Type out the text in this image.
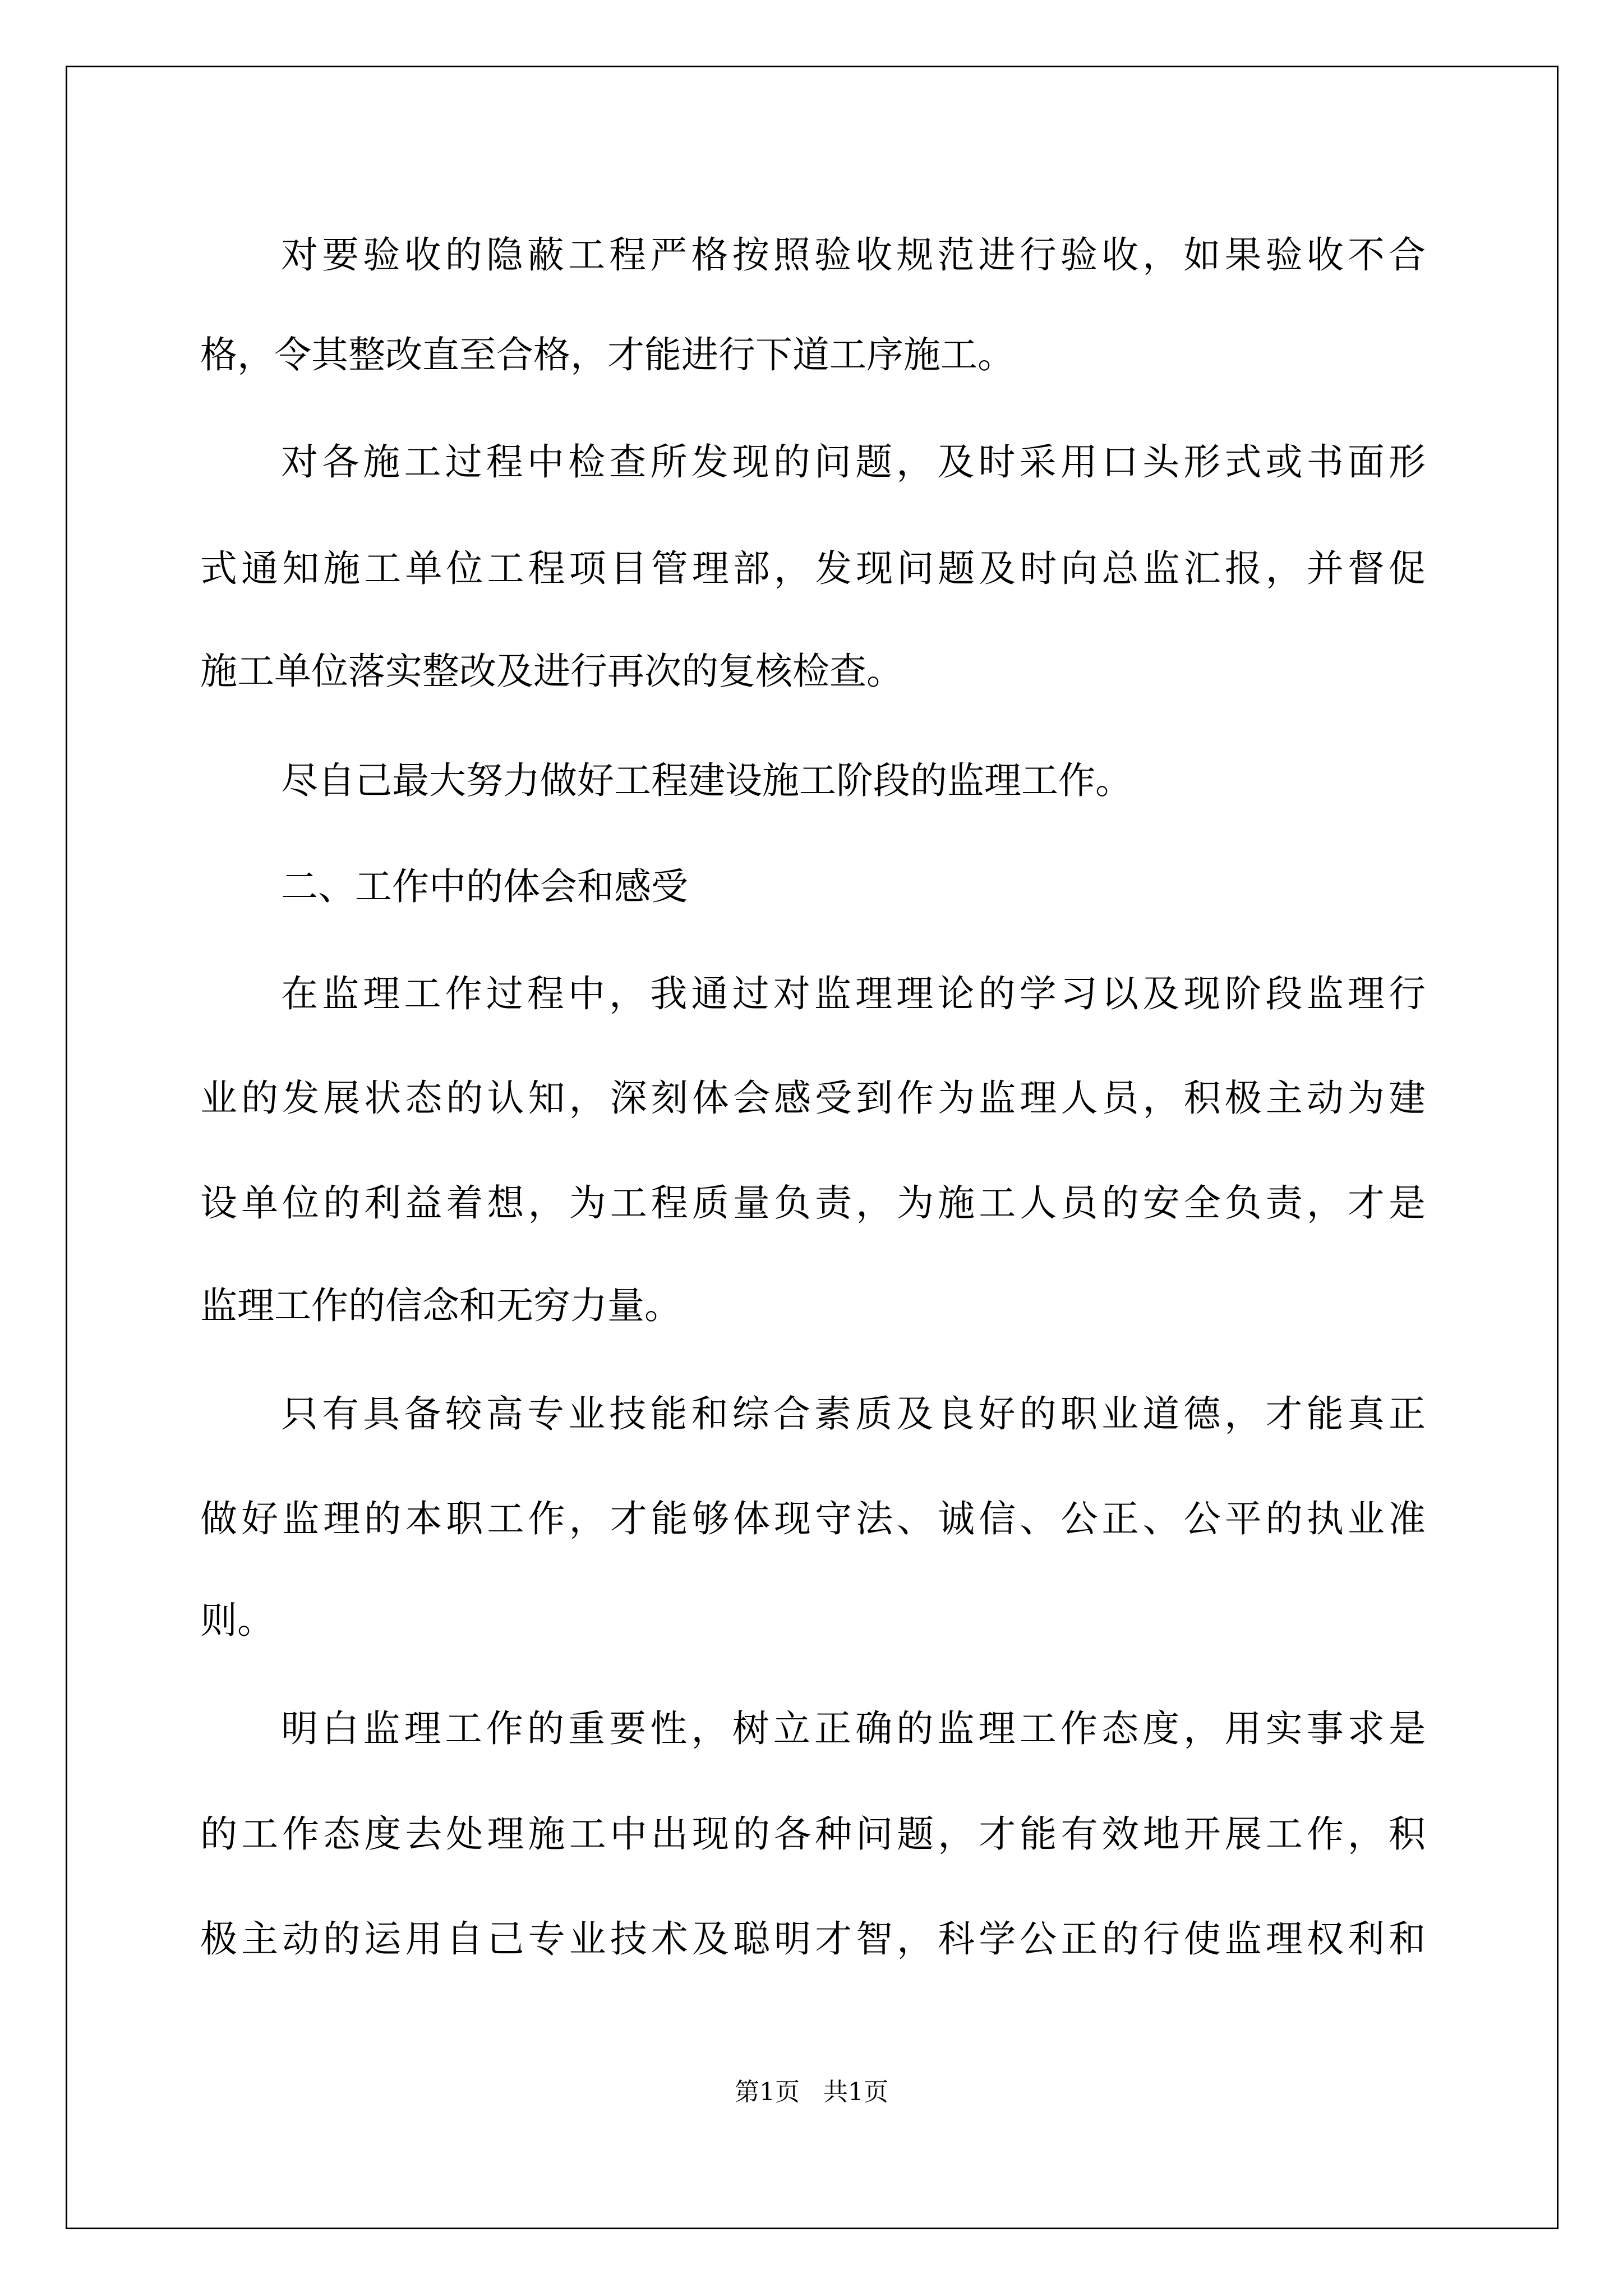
对要验收的隐蔽工程严格按照验收规范进行验收，如果验收不合
格，令其整改直至合格，才能进行下道工序施工。
对各施工过程中检查所发现的问题，及时采用口头形式或书面形
式通知施工单位工程项目管理部，发现问题及时向总监汇报，并督促
施工单位落实整改及进行再次的复核检查。
尽自己最大努力做好工程建设施工阶段的监理工作。
二、工作中的体会和感受
在监理工作过程中，我通过对监理理论的学习以及现阶段监理行
业的发展状态的认知，深刻体会感受到作为监理人员，积极主动为建
设单位的利益着想，为工程质量负责，为施工人员的安全负责，才是
监理工作的信念和无穷力量。
只有具备较高专业技能和综合素质及良好的职业道德，才能真正
做好监理的本职工作，才能够体现守法、诚信、公正、公平的执业准
则。
明白监理工作的重要性，树立正确的监理工作态度，用实事求是
的工作态度去处理施工中出现的各种问题，才能有效地开展工作，积
极主动的运用自己专业技术及聪明才智，科学公正的行使监理权利和
第1页   共1页
